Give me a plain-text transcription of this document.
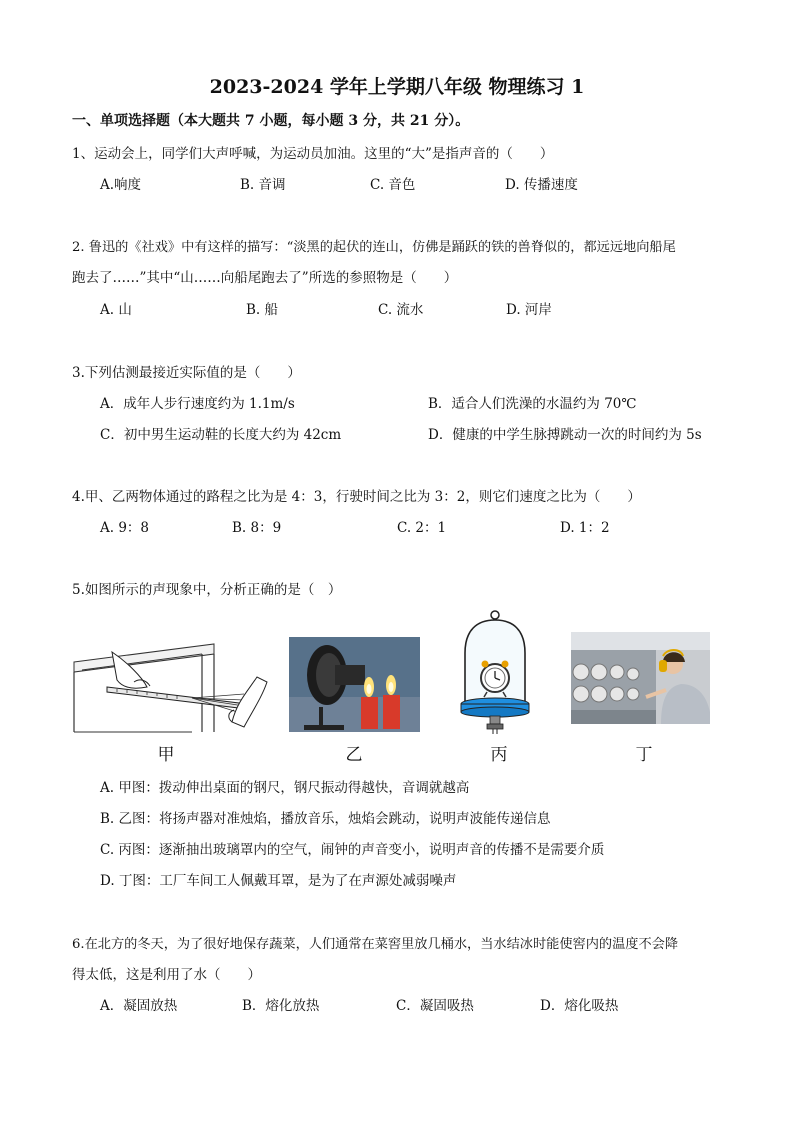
2023-2024 学年上学期八年级 物理练习 1
一、单项选择题（本大题共 7 小题，每小题 3 分，共 21 分）。
1、运动会上，同学们大声呼喊，为运动员加油。这里的“大”是指声音的（　　）
A.响度	B. 音调	C. 音色	D. 传播速度
2. 鲁迅的《社戏》中有这样的描写：“淡黑的起伏的连山，仿佛是踊跃的铁的兽脊似的，都远远地向船尾
跑去了……”其中“山……向船尾跑去了”所选的参照物是（　　）
A. 山	B. 船	C. 流水	D. 河岸
3.下列估测最接近实际值的是（　　）
A．成年人步行速度约为 1.1m/s	B．适合人们洗澡的水温约为 70℃
C．初中男生运动鞋的长度大约为 42cm	D．健康的中学生脉搏跳动一次的时间约为 5s
4.甲、乙两物体通过的路程之比为是 4：3，行驶时间之比为 3：2，则它们速度之比为（　　）
A. 9：8	B. 8：9	C. 2：1	D. 1：2
5.如图所示的声现象中，分析正确的是（　）
甲	乙	丙	丁
A. 甲图：拨动伸出桌面的钢尺，钢尺振动得越快，音调就越高
B. 乙图：将扬声器对准烛焰，播放音乐，烛焰会跳动，说明声波能传递信息
C. 丙图：逐渐抽出玻璃罩内的空气，闹钟的声音变小，说明声音的传播不是需要介质
D. 丁图：工厂车间工人佩戴耳罩，是为了在声源处减弱噪声
6.在北方的冬天，为了很好地保存蔬菜，人们通常在菜窖里放几桶水，当水结冰时能使窖内的温度不会降
得太低，这是利用了水（　　）
A．凝固放热	B．熔化放热	C．凝固吸热	D．熔化吸热
